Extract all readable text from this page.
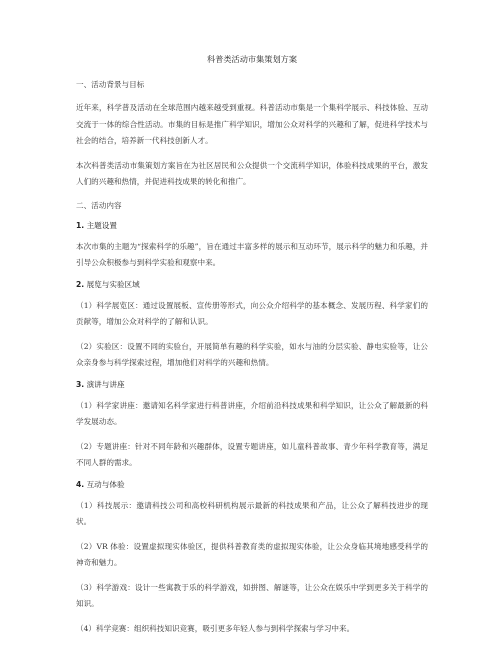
科普类活动市集策划方案
一、活动背景与目标

近年来，科学普及活动在全球范围内越来越受到重视。科普活动市集是一个集科学展示、科技体验、互动交流于一体的综合性活动。市集的目标是推广科学知识，增加公众对科学的兴趣和了解，促进科学技术与社会的结合，培养新一代科技创新人才。

本次科普类活动市集策划方案旨在为社区居民和公众提供一个交流科学知识，体验科技成果的平台，激发人们的兴趣和热情，并促进科技成果的转化和推广。

二、活动内容
1. 主题设置

本次市集的主题为“探索科学的乐趣”，旨在通过丰富多样的展示和互动环节，展示科学的魅力和乐趣，并引导公众积极参与到科学实验和观察中来。

2. 展览与实验区域

（1）科学展览区：通过设置展板、宣传册等形式，向公众介绍科学的基本概念、发展历程、科学家们的贡献等，增加公众对科学的了解和认识。

（2）实验区：设置不同的实验台，开展简单有趣的科学实验，如水与油的分层实验、静电实验等，让公众亲身参与科学探索过程，增加他们对科学的兴趣和热情。

3. 演讲与讲座

（1）科学家讲座：邀请知名科学家进行科普讲座，介绍前沿科技成果和科学知识，让公众了解最新的科学发展动态。

（2）专题讲座：针对不同年龄和兴趣群体，设置专题讲座，如儿童科普故事、青少年科学教育等，满足不同人群的需求。

4. 互动与体验

（1）科技展示：邀请科技公司和高校科研机构展示最新的科技成果和产品，让公众了解科技进步的现状。

（2）VR 体验：设置虚拟现实体验区，提供科普教育类的虚拟现实体验，让公众身临其境地感受科学的神奇和魅力。

（3）科学游戏：设计一些寓教于乐的科学游戏，如拼图、解谜等，让公众在娱乐中学到更多关于科学的知识。

（4）科学竞赛：组织科技知识竞赛，吸引更多年轻人参与到科学探索与学习中来。
